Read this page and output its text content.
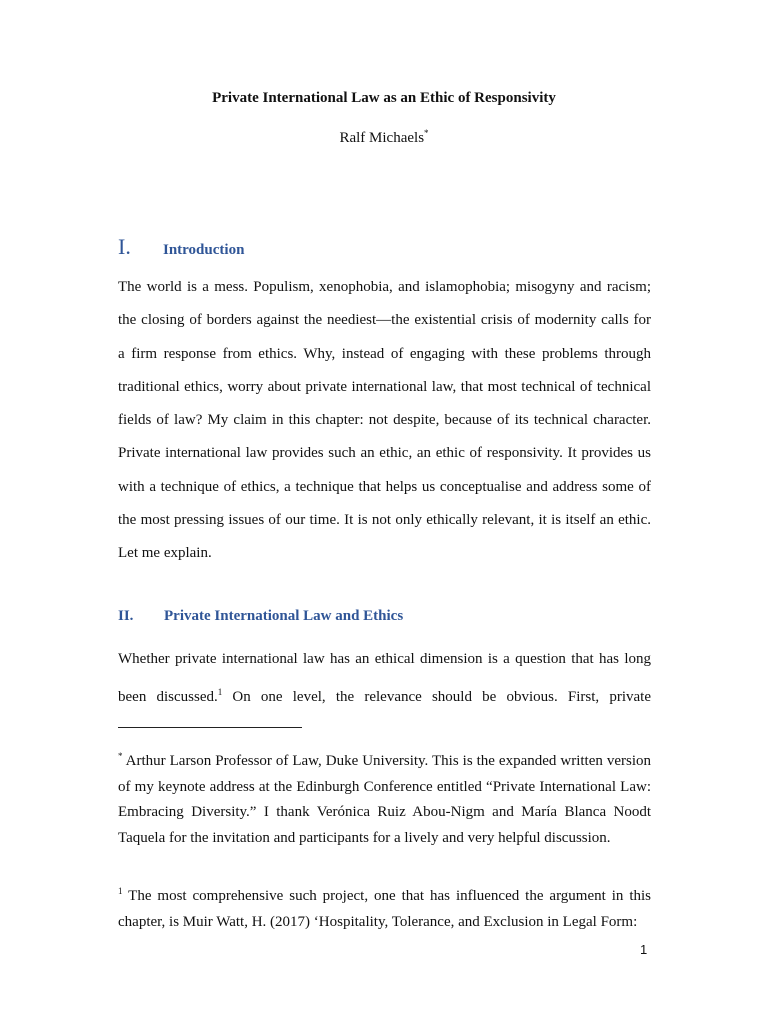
Private International Law as an Ethic of Responsivity
Ralf Michaels*
I. Introduction
The world is a mess. Populism, xenophobia, and islamophobia; misogyny and racism;
the closing of borders against the neediest—the existential crisis of modernity calls for
a firm response from ethics. Why, instead of engaging with these problems through
traditional ethics, worry about private international law, that most technical of technical
fields of law? My claim in this chapter: not despite, because of its technical character.
Private international law provides such an ethic, an ethic of responsivity. It provides us
with a technique of ethics, a technique that helps us conceptualise and address some of
the most pressing issues of our time. It is not only ethically relevant, it is itself an ethic.
Let me explain.
II. Private International Law and Ethics
Whether private international law has an ethical dimension is a question that has long
been discussed.$^1$ On one level, the relevance should be obvious. First, private
* Arthur Larson Professor of Law, Duke University. This is the expanded written version of my keynote address at the Edinburgh Conference entitled “Private International Law: Embracing Diversity.” I thank Verónica Ruiz Abou-Nigm and María Blanca Noodt Taquela for the invitation and participants for a lively and very helpful discussion.
$^1$ The most comprehensive such project, one that has influenced the argument in this chapter, is Muir Watt, H. (2017) ‘Hospitality, Tolerance, and Exclusion in Legal Form:
1
